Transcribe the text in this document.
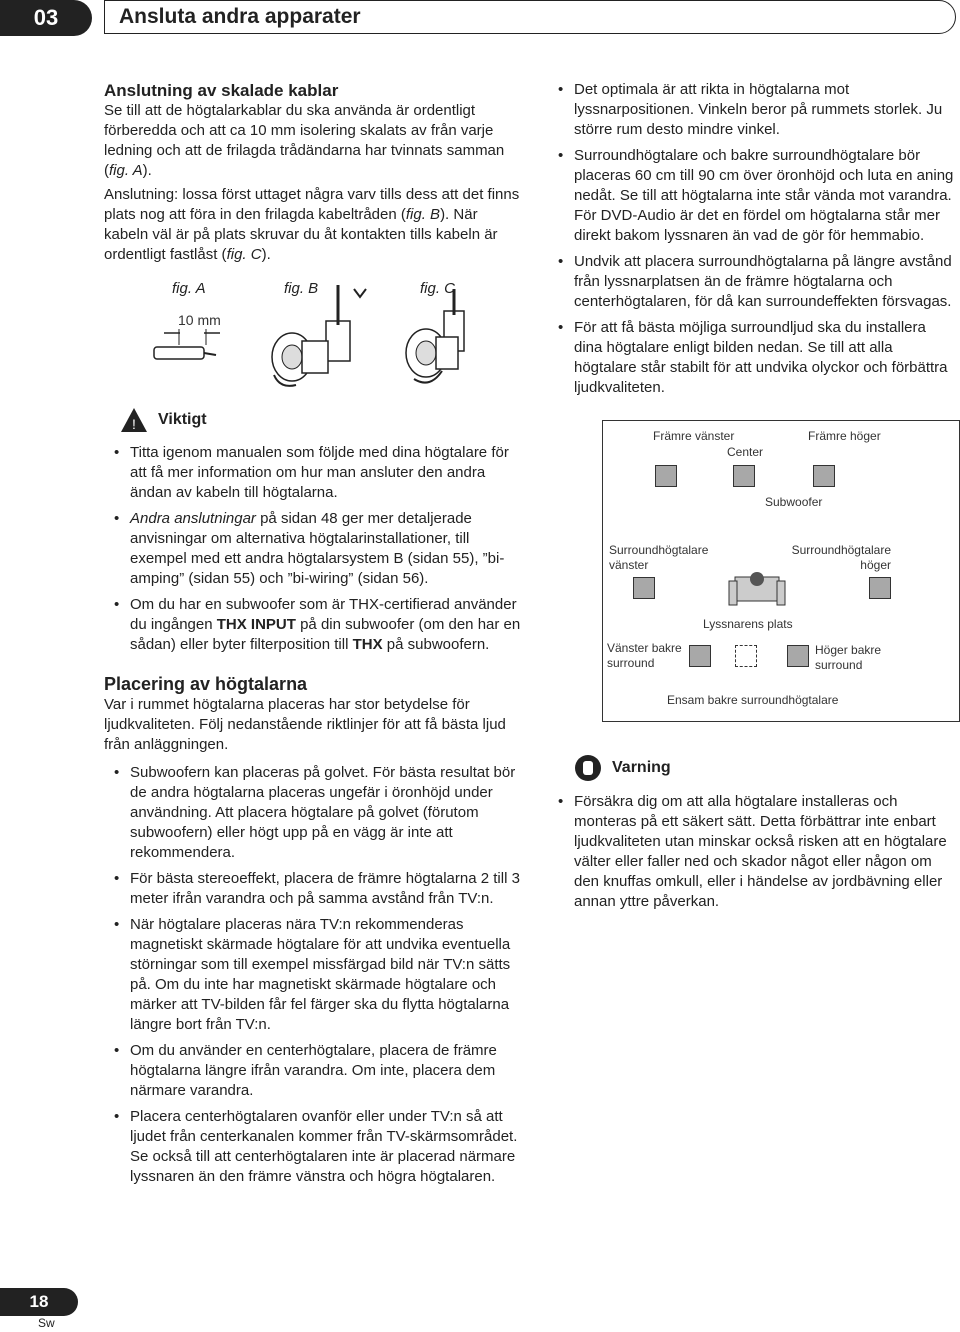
03	Ansluta andra apparater
Anslutning av skalade kablar

Se till att de högtalarkablar du ska använda är ordentligt förberedda och att ca 10 mm isolering skalats av från varje ledning och att de frilagda trådändarna har tvinnats samman (fig. A).

Anslutning: lossa först uttaget några varv tills dess att det finns plats nog att föra in den frilagda kabeltråden (fig. B). När kabeln väl är på plats skruvar du åt kontakten tills kabeln är ordentligt fastlåst (fig. C).

fig. A	fig. B	fig. C
10 mm
! Viktigt
• Titta igenom manualen som följde med dina högtalare för att få mer information om hur man ansluter den andra ändan av kabeln till högtalarna.
• Andra anslutningar på sidan 48 ger mer detaljerade anvisningar om alternativa högtalarinstallationer, till exempel med ett andra högtalarsystem B (sidan 55), ”bi-amping” (sidan 55) och ”bi-wiring” (sidan 56).
• Om du har en subwoofer som är THX-certifierad använder du ingången THX INPUT på din subwoofer (om den har en sådan) eller byter filterposition till THX på subwoofern.
Placering av högtalarna

Var i rummet högtalarna placeras har stor betydelse för ljudkvaliteten. Följ nedanstående riktlinjer för att få bästa ljud från anläggningen.

• Subwoofern kan placeras på golvet. För bästa resultat bör de andra högtalarna placeras ungefär i öronhöjd under användning. Att placera högtalare på golvet (förutom subwoofern) eller högt upp på en vägg är inte att rekommendera.
• För bästa stereoeffekt, placera de främre högtalarna 2 till 3 meter ifrån varandra och på samma avstånd från TV:n.
• När högtalare placeras nära TV:n rekommenderas magnetiskt skärmade högtalare för att undvika eventuella störningar som till exempel missfärgad bild när TV:n sätts på. Om du inte har magnetiskt skärmade högtalare och märker att TV-bilden får fel färger ska du flytta högtalarna längre bort från TV:n.
• Om du använder en centerhögtalare, placera de främre högtalarna längre ifrån varandra. Om inte, placera dem närmare varandra.
• Placera centerhögtalaren ovanför eller under TV:n så att ljudet från centerkanalen kommer från TV-skärmsområdet. Se också till att centerhögtalaren inte är placerad närmare lyssnaren än den främre vänstra och högra högtalaren.
• Det optimala är att rikta in högtalarna mot lyssnarpositionen. Vinkeln beror på rummets storlek. Ju större rum desto mindre vinkel.
• Surroundhögtalare och bakre surroundhögtalare bör placeras 60 cm till 90 cm över öronhöjd och luta en aning nedåt. Se till att högtalarna inte står vända mot varandra. För DVD-Audio är det en fördel om högtalarna står mer direkt bakom lyssnaren än vad de gör för hemmabio.
• Undvik att placera surroundhögtalarna på längre avstånd från lyssnarplatsen än de främre högtalarna och centerhögtalaren, för då kan surroundeffekten försvagas.
• För att få bästa möjliga surroundljud ska du installera dina högtalare enligt bilden nedan. Se till att alla högtalare står stabilt för att undvika olyckor och förbättra ljudkvaliteten.
Främre vänster
Center
Främre höger
Subwoofer
Surroundhögtalare vänster
Surroundhögtalare höger
Lyssnarens plats
Vänster bakre surround
Höger bakre surround
Ensam bakre surroundhögtalare
Varning
• Försäkra dig om att alla högtalare installeras och monteras på ett säkert sätt. Detta förbättrar inte enbart ljudkvaliteten utan minskar också risken att en högtalare välter eller faller ned och skador något eller någon om den knuffas omkull, eller i händelse av jordbävning eller annan yttre påverkan.
18
Sw
